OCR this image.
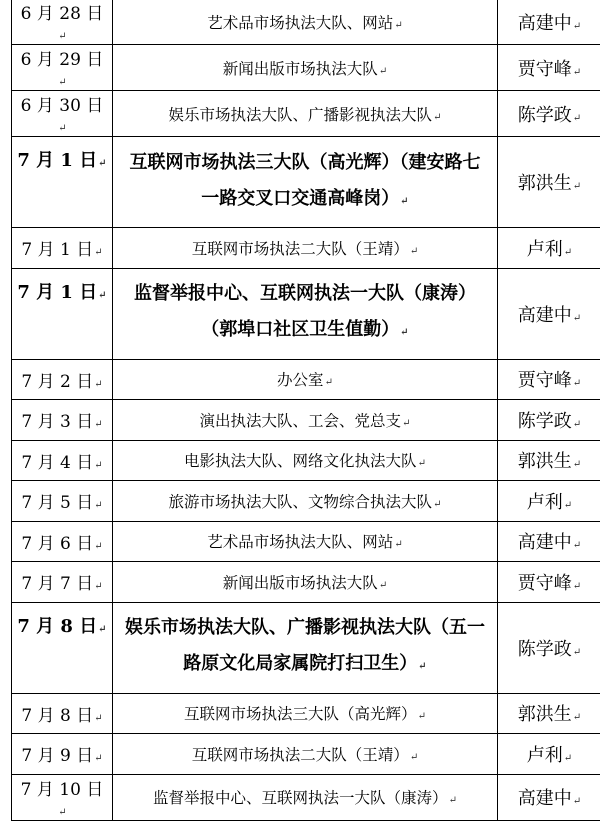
6 月 28 日↵	艺术品市场执法大队、网站↵	高建中↵
6 月 29 日↵	新闻出版市场执法大队↵	贾守峰↵
6 月 30 日↵	娱乐市场执法大队、广播影视执法大队↵	陈学政↵
7 月 1 日↵	互联网市场执法三大队（高光辉）（建安路七一路交叉口交通高峰岗）↵	郭洪生↵
7 月 1 日↵	互联网市场执法二大队（王靖）↵	卢利↵
7 月 1 日↵	监督举报中心、互联网执法一大队（康涛）（郭埠口社区卫生值勤）↵	高建中↵
7 月 2 日↵	办公室↵	贾守峰↵
7 月 3 日↵	演出执法大队、工会、党总支↵	陈学政↵
7 月 4 日↵	电影执法大队、网络文化执法大队↵	郭洪生↵
7 月 5 日↵	旅游市场执法大队、文物综合执法大队↵	卢利↵
7 月 6 日↵	艺术品市场执法大队、网站↵	高建中↵
7 月 7 日↵	新闻出版市场执法大队↵	贾守峰↵
7 月 8 日↵	娱乐市场执法大队、广播影视执法大队（五一路原文化局家属院打扫卫生）↵	陈学政↵
7 月 8 日↵	互联网市场执法三大队（高光辉）↵	郭洪生↵
7 月 9 日↵	互联网市场执法二大队（王靖）↵	卢利↵
7 月 10 日↵	监督举报中心、互联网执法一大队（康涛）↵	高建中↵
